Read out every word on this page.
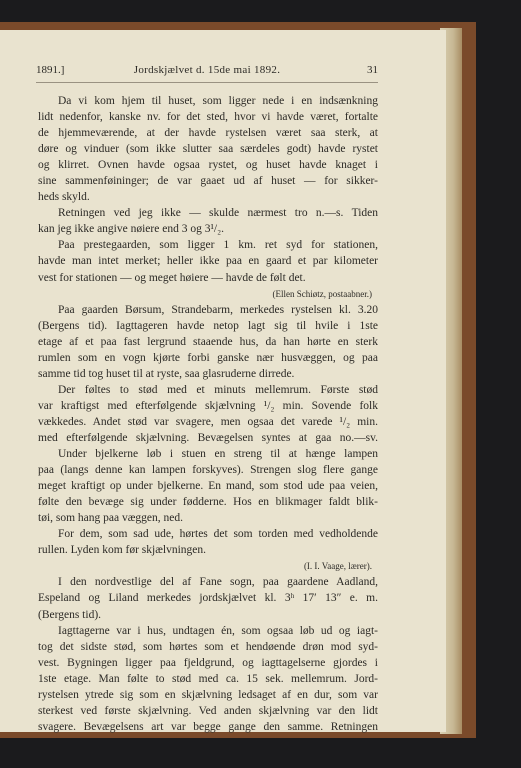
1891.]	Jordskjælvet d. 15de mai 1892.	31
Da vi kom hjem til huset, som ligger nede i en indsænkning
lidt nedenfor, kanske nv. for det sted, hvor vi havde været, fortalte
de hjemmeværende, at der havde rystelsen været saa sterk, at
døre og vinduer (som ikke slutter saa særdeles godt) havde rystet
og klirret. Ovnen havde ogsaa rystet, og huset havde knaget i
sine sammenføininger; de var gaaet ud af huset — for sikker-
heds skyld.
Retningen ved jeg ikke — skulde nærmest tro n.—s. Tiden
kan jeg ikke angive nøiere end 3 og 3¹/₂.
Paa prestegaarden, som ligger 1 km. ret syd for stationen,
havde man intet merket; heller ikke paa en gaard et par kilometer
vest for stationen — og meget høiere — havde de følt det.
(Ellen Schiøtz, postaabner.)
Paa gaarden Børsum, Strandebarm, merkedes rystelsen kl. 3.20
(Bergens tid). Iagttageren havde netop lagt sig til hvile i 1ste
etage af et paa fast lergrund staaende hus, da han hørte en sterk
rumlen som en vogn kjørte forbi ganske nær husvæggen, og paa
samme tid tog huset til at ryste, saa glasruderne dirrede.
Der føltes to stød med et minuts mellemrum. Første stød
var kraftigst med efterfølgende skjælvning ¹/₂ min. Sovende folk
vækkedes. Andet stød var svagere, men ogsaa det varede ¹/₂ min.
med efterfølgende skjælvning. Bevægelsen syntes at gaa no.—sv.
Under bjelkerne løb i stuen en streng til at hænge lampen
paa (langs denne kan lampen forskyves). Strengen slog flere gange
meget kraftigt op under bjelkerne. En mand, som stod ude paa veien,
følte den bevæge sig under fødderne. Hos en blikmager faldt blik-
tøi, som hang paa væggen, ned.
For dem, som sad ude, hørtes det som torden med vedholdende
rullen. Lyden kom før skjælvningen.
(I. I. Vaage, lærer).
I den nordvestlige del af Fane sogn, paa gaardene Aadland,
Espeland og Liland merkedes jordskjælvet kl. 3ʰ 17′ 13″ e. m.
(Bergens tid).
Iagttagerne var i hus, undtagen én, som ogsaa løb ud og iagt-
tog det sidste stød, som hørtes som et hendøende drøn mod syd-
vest. Bygningen ligger paa fjeldgrund, og iagttagelserne gjordes i
1ste etage. Man følte to stød med ca. 15 sek. mellemrum. Jord-
rystelsen ytrede sig som en skjælvning ledsaget af en dur, som var
sterkest ved første skjælvning. Ved anden skjælvning var den lidt
svagere. Bevægelsens art var begge gange den samme. Retningen
